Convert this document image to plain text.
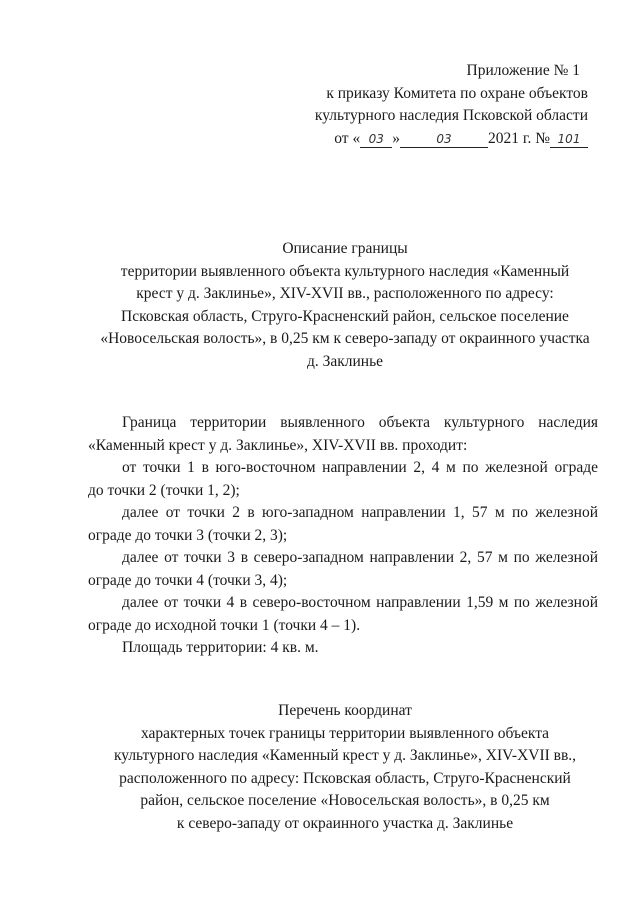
Приложение № 1
к приказу Комитета по охране объектов
культурного наследия Псковской области
от « 03 »	03 2021 г. № 101
Описание границы
территории выявленного объекта культурного наследия «Каменный
крест у д. Заклинье», XIV-XVII вв., расположенного по адресу:
Псковская область, Струго-Красненский район, сельское поселение
«Новосельская волость», в 0,25 км к северо-западу от окраинного участка
д. Заклинье
Граница территории выявленного объекта культурного наследия
«Каменный крест у д. Заклинье», XIV-XVII вв. проходит:
от точки 1 в юго-восточном направлении 2, 4 м по железной ограде
до точки 2 (точки 1, 2);
далее от точки 2 в юго-западном направлении 1, 57 м по железной
ограде до точки 3 (точки 2, 3);
далее от точки 3 в северо-западном направлении 2, 57 м по железной
ограде до точки 4 (точки 3, 4);
далее от точки 4 в северо-восточном направлении 1,59 м по железной
ограде до исходной точки 1 (точки 4 – 1).
Площадь территории: 4 кв. м.
Перечень координат
характерных точек границы территории выявленного объекта
культурного наследия «Каменный крест у д. Заклинье», XIV-XVII вв.,
расположенного по адресу: Псковская область, Струго-Красненский
район, сельское поселение «Новосельская волость», в 0,25 км
к северо-западу от окраинного участка д. Заклинье
